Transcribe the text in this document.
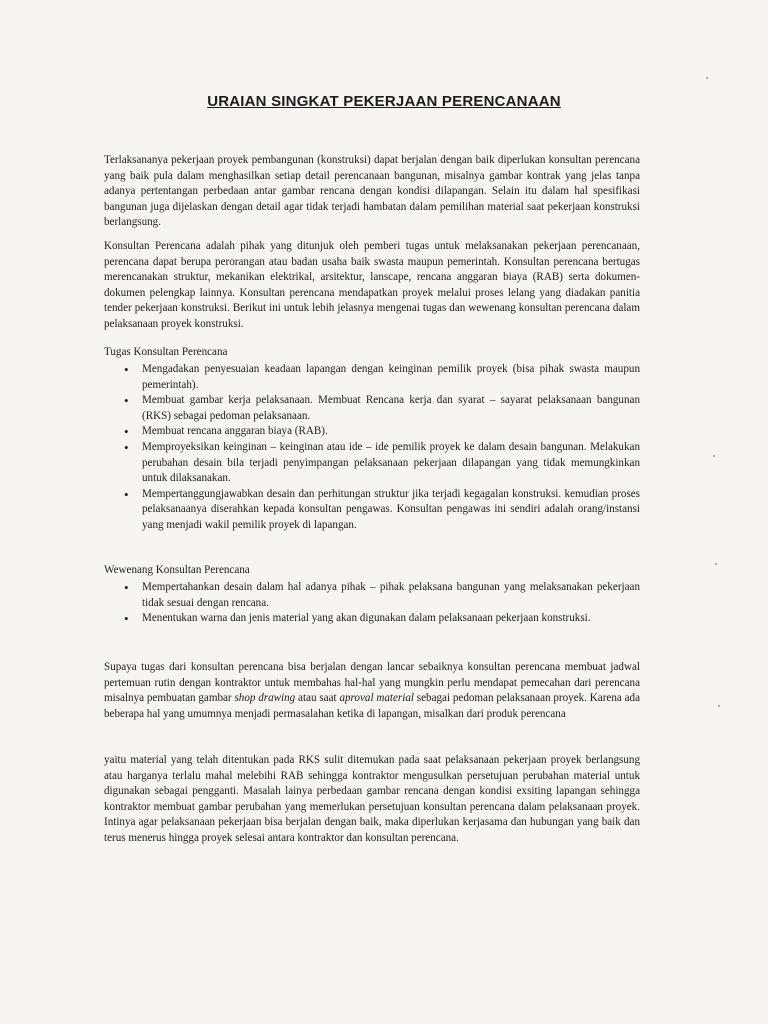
URAIAN SINGKAT PEKERJAAN PERENCANAAN

Terlaksananya pekerjaan proyek pembangunan (konstruksi) dapat berjalan dengan baik diperlukan konsultan perencana yang baik pula dalam menghasilkan setiap detail perencanaan bangunan, misalnya gambar kontrak yang jelas tanpa adanya pertentangan perbedaan antar gambar rencana dengan kondisi dilapangan. Selain itu dalam hal spesifikasi bangunan juga dijelaskan dengan detail agar tidak terjadi hambatan dalam pemilihan material saat pekerjaan konstruksi berlangsung.

Konsultan Perencana adalah pihak yang ditunjuk oleh pemberi tugas untuk melaksanakan pekerjaan perencanaan, perencana dapat berupa perorangan atau badan usaha baik swasta maupun pemerintah. Konsultan perencana bertugas merencanakan struktur, mekanikan elektrikal, arsitektur, lanscape, rencana anggaran biaya (RAB) serta dokumen-dokumen pelengkap lainnya. Konsultan perencana mendapatkan proyek melalui proses lelang yang diadakan panitia tender pekerjaan konstruksi. Berikut ini untuk lebih jelasnya mengenai tugas dan wewenang konsultan perencana dalam pelaksanaan proyek konstruksi.

Tugas Konsultan Perencana

• Mengadakan penyesuaian keadaan lapangan dengan keinginan pemilik proyek (bisa pihak swasta maupun pemerintah).
• Membuat gambar kerja pelaksanaan. Membuat Rencana kerja dan syarat – sayarat pelaksanaan bangunan (RKS) sebagai pedoman pelaksanaan.
• Membuat rencana anggaran biaya (RAB).
• Memproyeksikan keinginan – keinginan atau ide – ide pemilik proyek ke dalam desain bangunan. Melakukan perubahan desain bila terjadi penyimpangan pelaksanaan pekerjaan dilapangan yang tidak memungkinkan untuk dilaksanakan.
• Mempertanggungjawabkan desain dan perhitungan struktur jika terjadi kegagalan konstruksi. kemudian proses pelaksanaanya diserahkan kepada konsultan pengawas. Konsultan pengawas ini sendiri adalah orang/instansi yang menjadi wakil pemilik proyek di lapangan.

Wewenang Konsultan Perencana

• Mempertahankan desain dalam hal adanya pihak – pihak pelaksana bangunan yang melaksanakan pekerjaan tidak sesuai dengan rencana.
• Menentukan warna dan jenis material yang akan digunakan dalam pelaksanaan pekerjaan konstruksi.

Supaya tugas dari konsultan perencana bisa berjalan dengan lancar sebaiknya konsultan perencana membuat jadwal pertemuan rutin dengan kontraktor untuk membahas hal-hal yang mungkin perlu mendapat pemecahan dari perencana misalnya pembuatan gambar shop drawing atau saat aproval material sebagai pedoman pelaksanaan proyek. Karena ada beberapa hal yang umumnya menjadi permasalahan ketika di lapangan, misalkan dari produk perencana

yaitu material yang telah ditentukan pada RKS sulit ditemukan pada saat pelaksanaan pekerjaan proyek berlangsung atau harganya terlalu mahal melebihi RAB sehingga kontraktor mengusulkan persetujuan perubahan material untuk digunakan sebagai pengganti. Masalah lainya perbedaan gambar rencana dengan kondisi exsiting lapangan sehingga kontraktor membuat gambar perubahan yang memerlukan persetujuan konsultan perencana dalam pelaksanaan proyek. Intinya agar pelaksanaan pekerjaan bisa berjalan dengan baik, maka diperlukan kerjasama dan hubungan yang baik dan terus menerus hingga proyek selesai antara kontraktor dan konsultan perencana.
